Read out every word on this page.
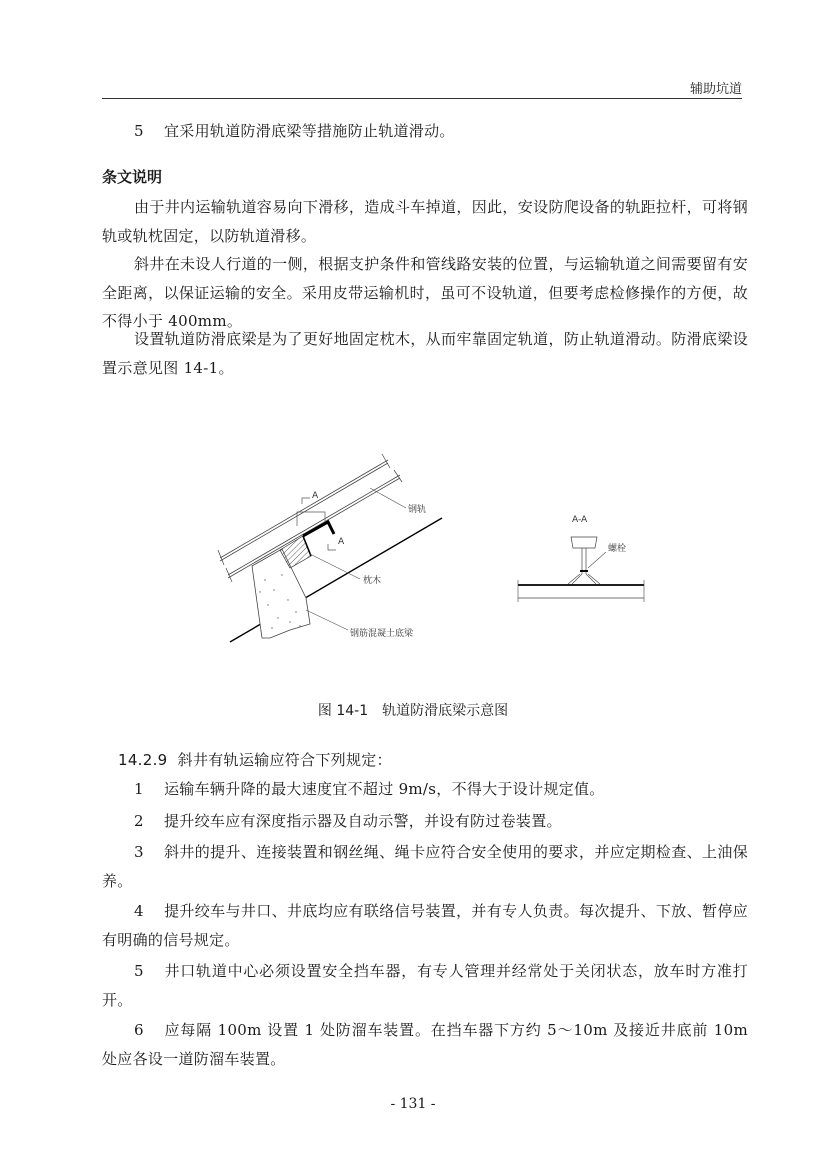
辅助坑道
5 宜采用轨道防滑底梁等措施防止轨道滑动。
条文说明
由于井内运输轨道容易向下滑移，造成斗车掉道，因此，安设防爬设备的轨距拉杆，可将钢轨或轨枕固定，以防轨道滑移。
斜井在未设人行道的一侧，根据支护条件和管线路安装的位置，与运输轨道之间需要留有安全距离，以保证运输的安全。采用皮带运输机时，虽可不设轨道，但要考虑检修操作的方便，故不得小于 400mm。
设置轨道防滑底梁是为了更好地固定枕木，从而牢靠固定轨道，防止轨道滑动。防滑底梁设置示意见图 14-1。
A
A
钢轨
枕木
钢筋混凝土底梁
A-A
螺栓
图 14-1　轨道防滑底梁示意图
14.2.9 斜井有轨运输应符合下列规定：
1 运输车辆升降的最大速度宜不超过 9m/s，不得大于设计规定值。
2 提升绞车应有深度指示器及自动示警，并设有防过卷装置。
3 斜井的提升、连接装置和钢丝绳、绳卡应符合安全使用的要求，并应定期检查、上油保养。
4 提升绞车与井口、井底均应有联络信号装置，并有专人负责。每次提升、下放、暂停应有明确的信号规定。
5 井口轨道中心必须设置安全挡车器，有专人管理并经常处于关闭状态，放车时方准打开。
6 应每隔 100m 设置 1 处防溜车装置。在挡车器下方约 5～10m 及接近井底前 10m 处应各设一道防溜车装置。
- 131 -
